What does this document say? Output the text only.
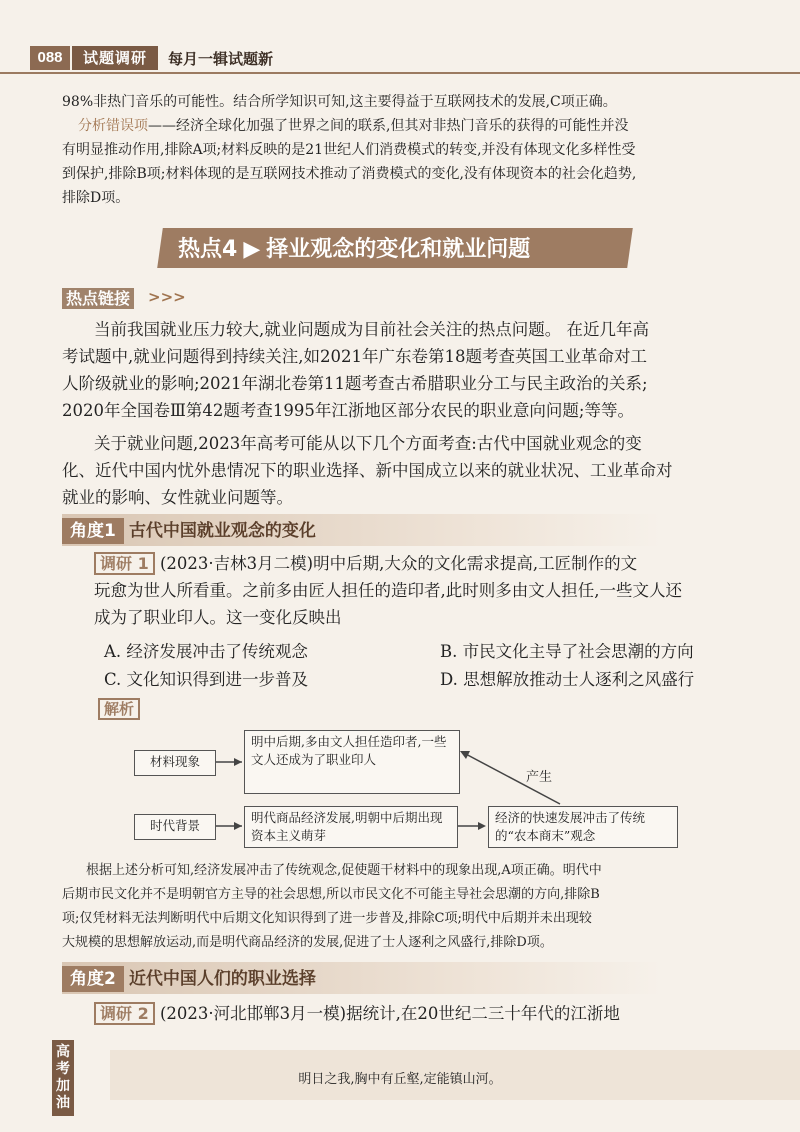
088	试题调研	每月一辑试题新
98%非热门音乐的可能性。结合所学知识可知,这主要得益于互联网技术的发展,C项正确。
分析错误项——经济全球化加强了世界之间的联系,但其对非热门音乐的获得的可能性并没
有明显推动作用,排除A项;材料反映的是21世纪人们消费模式的转变,并没有体现文化多样性受
到保护,排除B项;材料体现的是互联网技术推动了消费模式的变化,没有体现资本的社会化趋势,
排除D项。
热点4 ▶ 择业观念的变化和就业问题
热点链接 >>>
当前我国就业压力较大,就业问题成为目前社会关注的热点问题。 在近几年高
考试题中,就业问题得到持续关注,如2021年广东卷第18题考查英国工业革命对工
人阶级就业的影响;2021年湖北卷第11题考查古希腊职业分工与民主政治的关系;
2020年全国卷Ⅲ第42题考查1995年江浙地区部分农民的职业意向问题;等等。
关于就业问题,2023年高考可能从以下几个方面考查:古代中国就业观念的变
化、近代中国内忧外患情况下的职业选择、新中国成立以来的就业状况、工业革命对
就业的影响、女性就业问题等。
角度1 古代中国就业观念的变化
调研 1 (2023·吉林3月二模)明中后期,大众的文化需求提高,工匠制作的文
玩愈为世人所看重。之前多由匠人担任的造印者,此时则多由文人担任,一些文人还
成为了职业印人。这一变化反映出
A. 经济发展冲击了传统观念	B. 市民文化主导了社会思潮的方向
C. 文化知识得到进一步普及	D. 思想解放推动士人逐利之风盛行
解析
材料现象
时代背景
明中后期,多由文人担任造印者,一些文人还成为了职业印人
明代商品经济发展,明朝中后期出现资本主义萌芽
经济的快速发展冲击了传统的“农本商末”观念
产生
根据上述分析可知,经济发展冲击了传统观念,促使题干材料中的现象出现,A项正确。明代中
后期市民文化并不是明朝官方主导的社会思想,所以市民文化不可能主导社会思潮的方向,排除B
项;仅凭材料无法判断明代中后期文化知识得到了进一步普及,排除C项;明代中后期并未出现较
大规模的思想解放运动,而是明代商品经济的发展,促进了士人逐利之风盛行,排除D项。
角度2 近代中国人们的职业选择
调研 2 (2023·河北邯郸3月一模)据统计,在20世纪二三十年代的江浙地
高考加油
明日之我,胸中有丘壑,定能镇山河。
